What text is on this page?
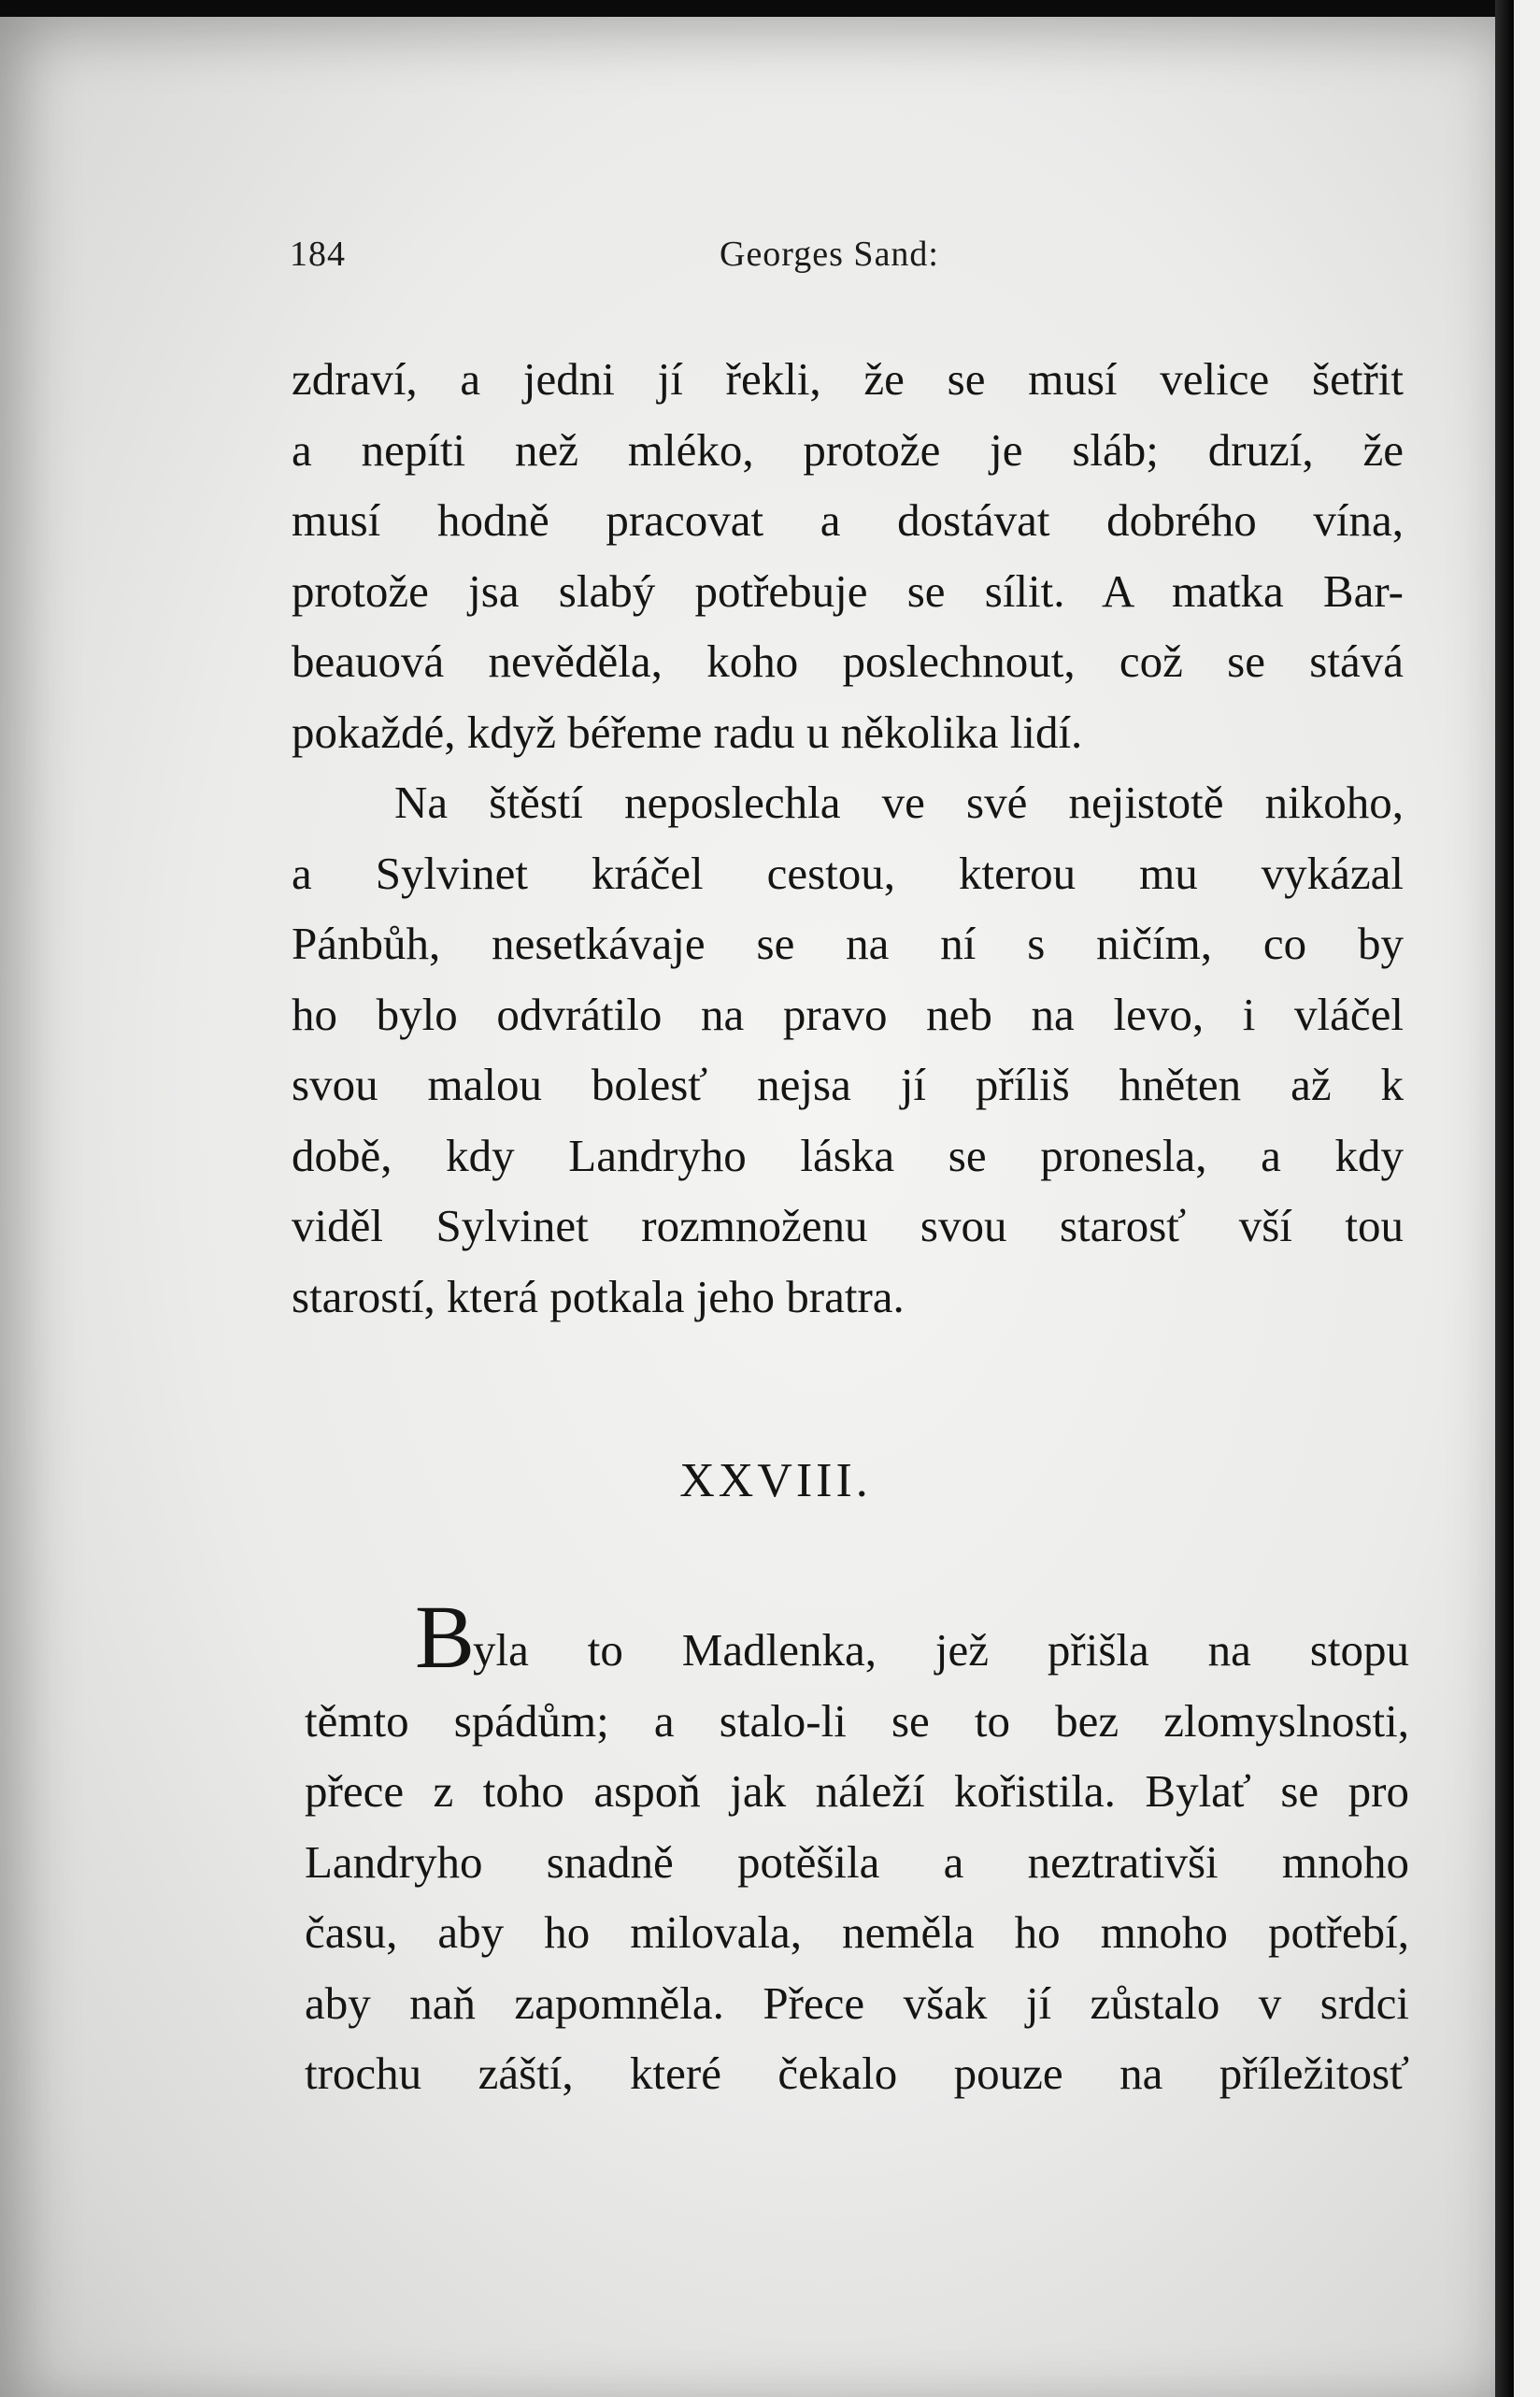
184	Georges Sand:
zdraví, a jedni jí řekli, že se musí velice šetřit
a nepíti než mléko, protože je sláb; druzí, že
musí hodně pracovat a dostávat dobrého vína,
protože jsa slabý potřebuje se sílit. A matka Bar-
beauová nevěděla, koho poslechnout, což se stává
pokaždé, když béřeme radu u několika lidí.
Na štěstí neposlechla ve své nejistotě nikoho,
a Sylvinet kráčel cestou, kterou mu vykázal
Pánbůh, nesetkávaje se na ní s ničím, co by
ho bylo odvrátilo na pravo neb na levo, i vláčel
svou malou bolesť nejsa jí příliš hněten až k
době, kdy Landryho láska se pronesla, a kdy
viděl Sylvinet rozmnoženu svou starosť vší tou
starostí, která potkala jeho bratra.
XXVIII.
B
yla to Madlenka, jež přišla na stopu
těmto spádům; a stalo-li se to bez zlomyslnosti,
přece z toho aspoň jak náleží kořistila. Bylať se pro
Landryho snadně potěšila a neztrativši mnoho
času, aby ho milovala, neměla ho mnoho potřebí,
aby naň zapomněla. Přece však jí zůstalo v srdci
trochu záští, které čekalo pouze na příležitosť
